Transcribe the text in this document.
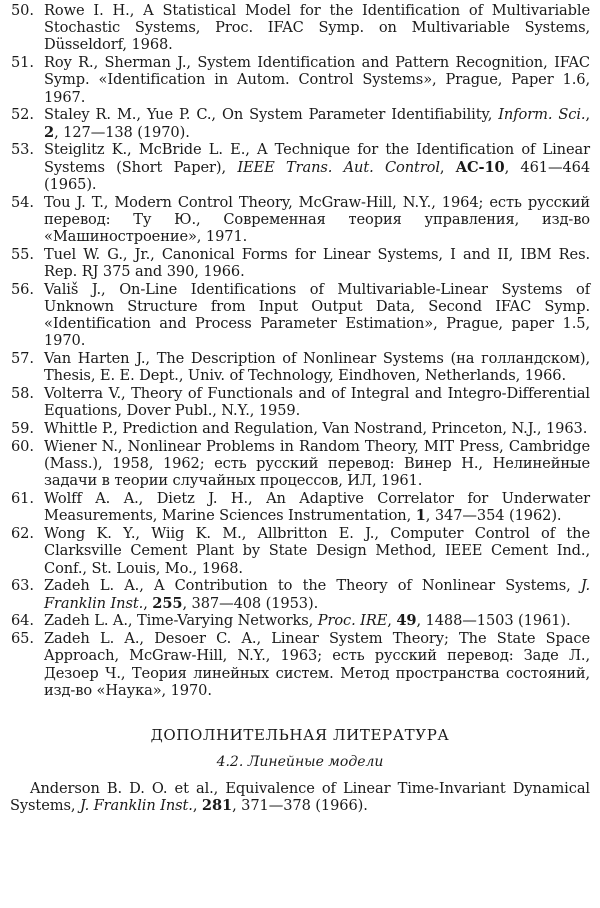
50. Rowe I. H., A Statistical Model for the Identification of Multivariable Stochastic Systems, Proc. IFAC Symp. on Multivariable Systems, Düsseldorf, 1968.
51. Roy R., Sherman J., System Identification and Pattern Recognition, IFAC Symp. «Identification in Autom. Control Systems», Prague, Paper 1.6, 1967.
52. Staley R. M., Yue P. C., On System Parameter Identifiability, Inform. Sci., 2, 127—138 (1970).
53. Steiglitz K., McBride L. E., A Technique for the Identification of Linear Systems (Short Paper), IEEE Trans. Aut. Control, AC-10, 461—464 (1965).
54. Tou J. T., Modern Control Theory, McGraw-Hill, N.Y., 1964; есть русский перевод: Ту Ю., Современная теория управления, изд-во «Машиностроение», 1971.
55. Tuel W. G., Jr., Canonical Forms for Linear Systems, I and II, IBM Res. Rep. RJ 375 and 390, 1966.
56. Vališ J., On-Line Identifications of Multivariable-Linear Systems of Unknown Structure from Input Output Data, Second IFAC Symp. «Identification and Process Parameter Estimation», Prague, paper 1.5, 1970.
57. Van Harten J., The Description of Nonlinear Systems (на голландском), Thesis, E. E. Dept., Univ. of Technology, Eindhoven, Netherlands, 1966.
58. Volterra V., Theory of Functionals and of Integral and Integro-Differential Equations, Dover Publ., N.Y., 1959.
59. Whittle P., Prediction and Regulation, Van Nostrand, Princeton, N.J., 1963.
60. Wiener N., Nonlinear Problems in Random Theory, MIT Press, Cambridge (Mass.), 1958, 1962; есть русский перевод: Винер Н., Нелинейные задачи в теории случайных процессов, ИЛ, 1961.
61. Wolff A. A., Dietz J. H., An Adaptive Correlator for Underwater Measurements, Marine Sciences Instrumentation, 1, 347—354 (1962).
62. Wong K. Y., Wiig K. M., Allbritton E. J., Computer Control of the Clarksville Cement Plant by State Design Method, IEEE Cement Ind., Conf., St. Louis, Mo., 1968.
63. Zadeh L. A., A Contribution to the Theory of Nonlinear Systems, J. Franklin Inst., 255, 387—408 (1953).
64. Zadeh L. A., Time-Varying Networks, Proc. IRE, 49, 1488—1503 (1961).
65. Zadeh L. A., Desoer C. A., Linear System Theory; The State Space Approach, McGraw-Hill, N.Y., 1963; есть русский перевод: Заде Л., Дезоер Ч., Теория линейных систем. Метод пространства состояний, изд-во «Наука», 1970.
ДОПОЛНИТЕЛЬНАЯ ЛИТЕРАТУРА
4.2. Линейные модели
Anderson B. D. O. et al., Equivalence of Linear Time-Invariant Dynamical Systems, J. Franklin Inst., 281, 371—378 (1966).
